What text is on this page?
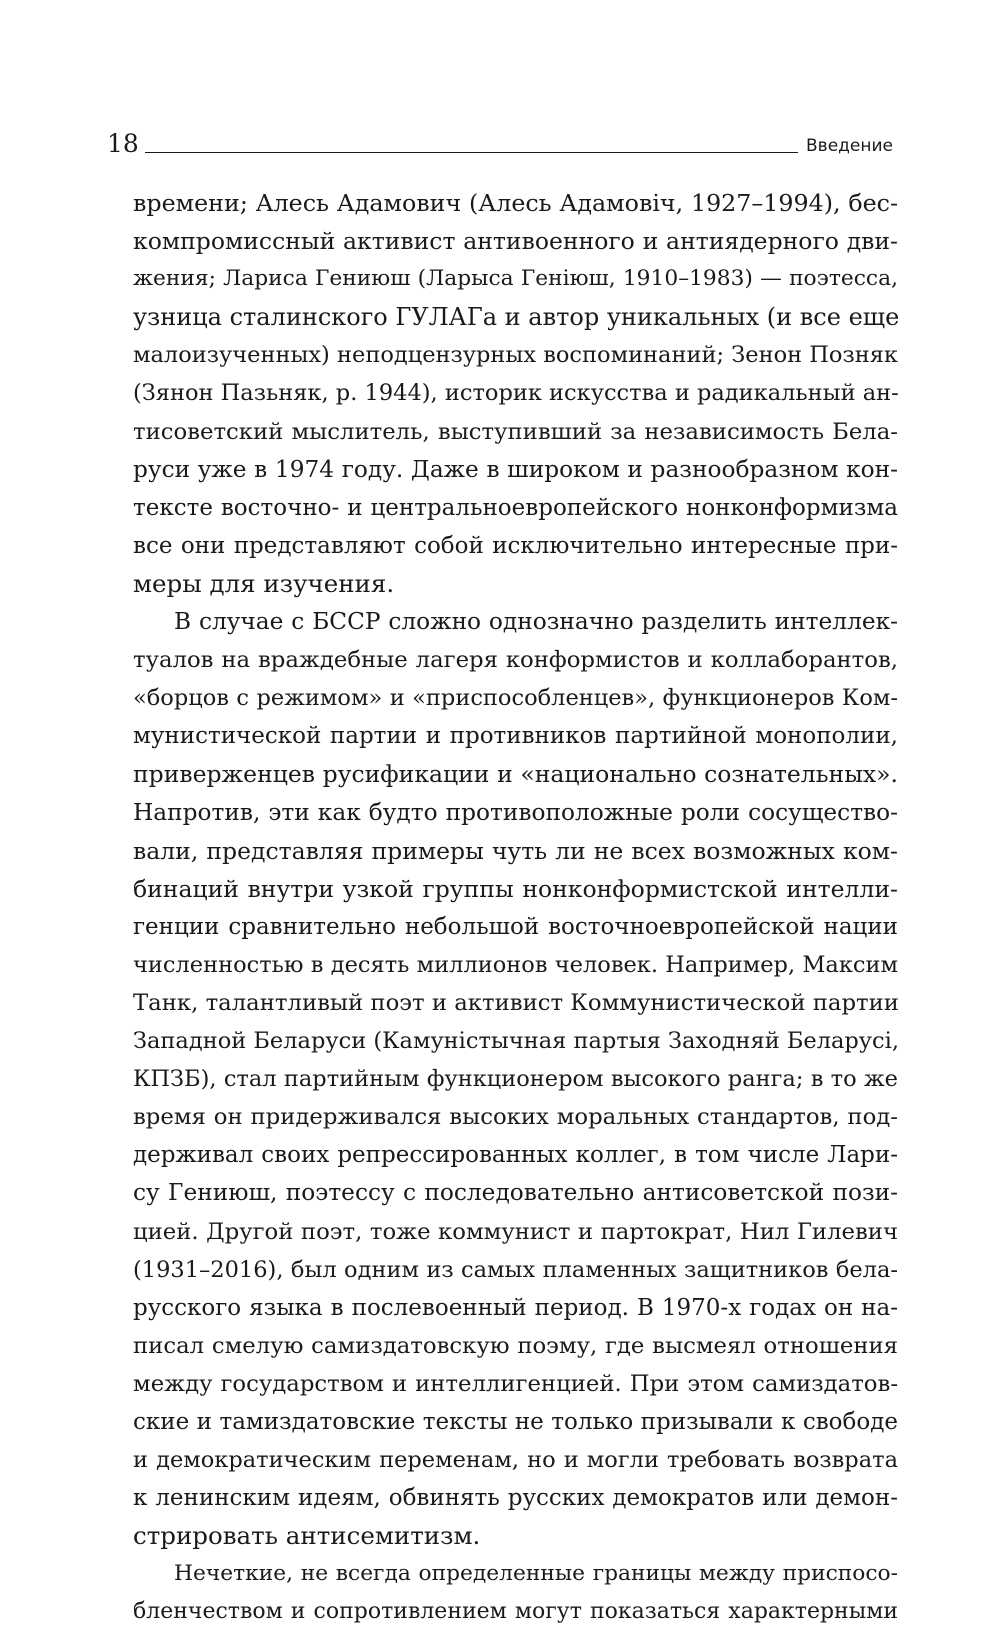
18	Введение
времени; Алесь Адамович (Алесь Адамовіч, 1927–1994), бес-
компромиссный активист антивоенного и антиядерного дви-
жения; Лариса Гениюш (Ларыса Геніюш, 1910–1983) — поэтесса,
узница сталинского ГУЛАГа и автор уникальных (и все еще
малоизученных) неподцензурных воспоминаний; Зенон Позняк
(Зянон Пазьняк, р. 1944), историк искусства и радикальный ан-
тисоветский мыслитель, выступивший за независимость Бела-
руси уже в 1974 году. Даже в широком и разнообразном кон-
тексте восточно- и центральноевропейского нонконформизма
все они представляют собой исключительно интересные при-
меры для изучения.
В случае с БССР сложно однозначно разделить интеллек-
туалов на враждебные лагеря конформистов и коллаборантов,
«борцов с режимом» и «приспособленцев», функционеров Ком-
мунистической партии и противников партийной монополии,
приверженцев русификации и «национально сознательных».
Напротив, эти как будто противоположные роли сосущество-
вали, представляя примеры чуть ли не всех возможных ком-
бинаций внутри узкой группы нонконформистской интелли-
генции сравнительно небольшой восточноевропейской нации
численностью в десять миллионов человек. Например, Максим
Танк, талантливый поэт и активист Коммунистической партии
Западной Беларуси (Камуністычная партыя Заходняй Беларусі,
КПЗБ), стал партийным функционером высокого ранга; в то же
время он придерживался высоких моральных стандартов, под-
держивал своих репрессированных коллег, в том числе Лари-
су Гениюш, поэтессу с последовательно антисоветской пози-
цией. Другой поэт, тоже коммунист и партократ, Нил Гилевич
(1931–2016), был одним из самых пламенных защитников бела-
русского языка в послевоенный период. В 1970-х годах он на-
писал смелую самиздатовскую поэму, где высмеял отношения
между государством и интеллигенцией. При этом самиздатов-
ские и тамиздатовские тексты не только призывали к свободе
и демократическим переменам, но и могли требовать возврата
к ленинским идеям, обвинять русских демократов или демон-
стрировать антисемитизм.
Нечеткие, не всегда определенные границы между приспосо-
бленчеством и сопротивлением могут показаться характерными
